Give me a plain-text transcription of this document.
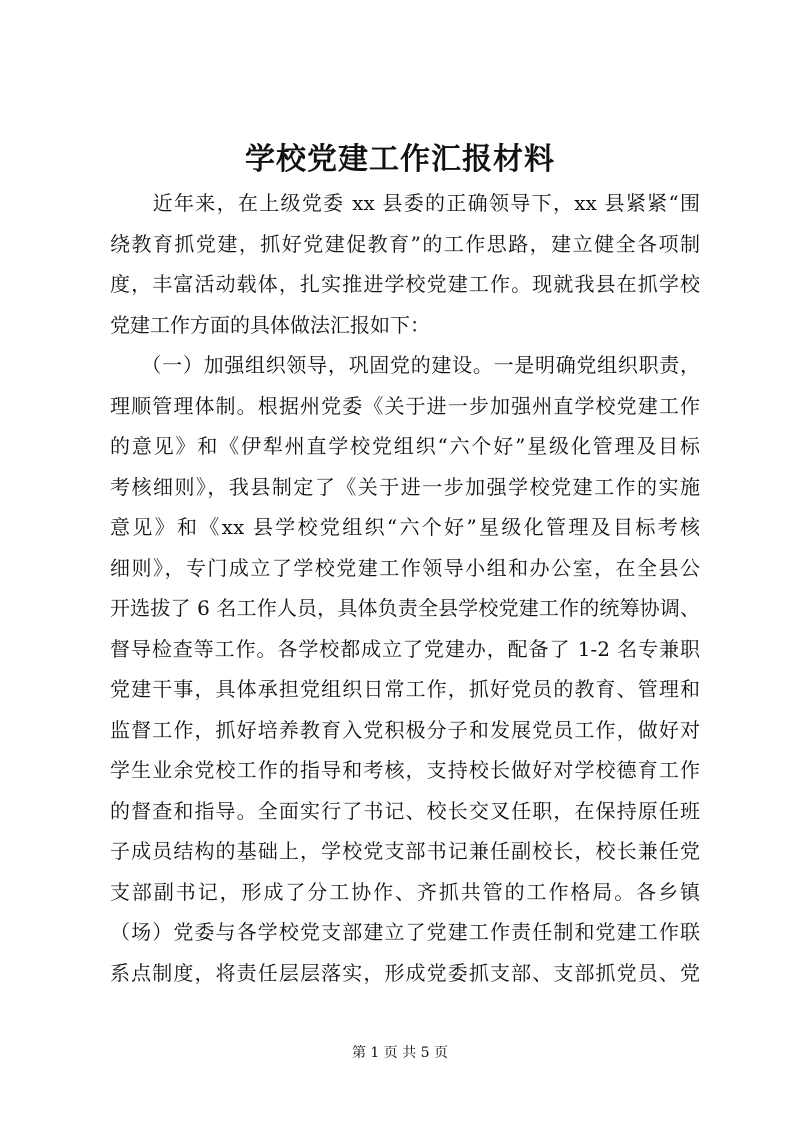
学校党建工作汇报材料
　　近年来，在上级党委 xx 县委的正确领导下，xx 县紧紧“围
绕教育抓党建，抓好党建促教育”的工作思路，建立健全各项制
度，丰富活动载体，扎实推进学校党建工作。现就我县在抓学校
党建工作方面的具体做法汇报如下：
　　（一）加强组织领导，巩固党的建设。一是明确党组织职责，
理顺管理体制。根据州党委《关于进一步加强州直学校党建工作
的意见》和《伊犁州直学校党组织“六个好”星级化管理及目标
考核细则》，我县制定了《关于进一步加强学校党建工作的实施
意见》和《xx 县学校党组织“六个好”星级化管理及目标考核
细则》，专门成立了学校党建工作领导小组和办公室，在全县公
开选拔了 6 名工作人员，具体负责全县学校党建工作的统筹协调、
督导检查等工作。各学校都成立了党建办，配备了 1-2 名专兼职
党建干事，具体承担党组织日常工作，抓好党员的教育、管理和
监督工作，抓好培养教育入党积极分子和发展党员工作，做好对
学生业余党校工作的指导和考核，支持校长做好对学校德育工作
的督查和指导。全面实行了书记、校长交叉任职，在保持原任班
子成员结构的基础上，学校党支部书记兼任副校长，校长兼任党
支部副书记，形成了分工协作、齐抓共管的工作格局。各乡镇
（场）党委与各学校党支部建立了党建工作责任制和党建工作联
系点制度，将责任层层落实，形成党委抓支部、支部抓党员、党
第 1 页 共 5 页
